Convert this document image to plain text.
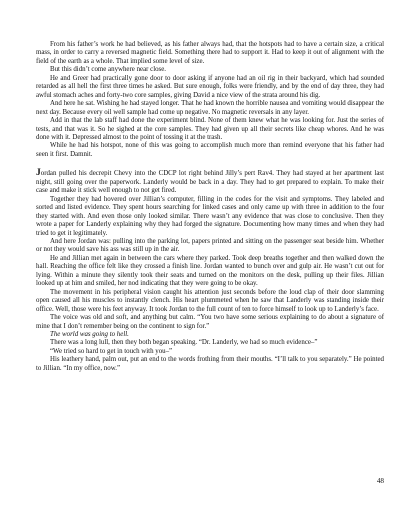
From his father’s work he had believed, as his father always had, that the hotspots had to have a certain size, a critical mass, in order to carry a reversed magnetic field. Something there had to support it. Had to keep it out of alignment with the field of the earth as a whole. That implied some level of size.

But this didn’t come anywhere near close.

He and Greer had practically gone door to door asking if anyone had an oil rig in their backyard, which had sounded retarded as all hell the first three times he asked. But sure enough, folks were friendly, and by the end of day three, they had awful stomach aches and forty-two core samples, giving David a nice view of the strata around his dig.

And here he sat. Wishing he had stayed longer. That he had known the horrible nausea and vomiting would disappear the next day. Because every oil well sample had come up negative. No magnetic reversals in any layer.

Add in that the lab staff had done the experiment blind. None of them knew what he was looking for. Just the series of tests, and that was it. So he sighed at the core samples. They had given up all their secrets like cheap whores. And he was done with it. Depressed almost to the point of tossing it at the trash.

While he had his hotspot, none of this was going to accomplish much more than remind everyone that his father had seen it first. Damnit.

Jordan pulled his decrepit Chevy into the CDCP lot right behind Jilly’s pert Rav4. They had stayed at her apartment last night, still going over the paperwork. Landerly would be back in a day. They had to get prepared to explain. To make their case and make it stick well enough to not get fired.

Together they had hovered over Jillian’s computer, filling in the codes for the visit and symptoms. They labeled and sorted and listed evidence. They spent hours searching for linked cases and only came up with three in addition to the four they started with. And even those only looked similar. There wasn’t any evidence that was close to conclusive. Then they wrote a paper for Landerly explaining why they had forged the signature. Documenting how many times and when they had tried to get it legitimately.

And here Jordan was: pulling into the parking lot, papers printed and sitting on the passenger seat beside him. Whether or not they would save his ass was still up in the air.

He and Jillian met again in between the cars where they parked. Took deep breaths together and then walked down the hall. Reaching the office felt like they crossed a finish line. Jordan wanted to bunch over and gulp air. He wasn’t cut out for lying. Within a minute they silently took their seats and turned on the monitors on the desk, pulling up their files. Jillian looked up at him and smiled, her nod indicating that they were going to be okay.

The movement in his peripheral vision caught his attention just seconds before the loud clap of their door slamming open caused all his muscles to instantly clench. His heart plummeted when he saw that Landerly was standing inside their office. Well, those were his feet anyway. It took Jordan to the full count of ten to force himself to look up to Landerly’s face.

The voice was old and soft, and anything but calm. “You two have some serious explaining to do about a signature of mine that I don’t remember being on the continent to sign for.”

The world was going to hell.

There was a long lull, then they both began speaking. “Dr. Landerly, we had so much evidence–”

“We tried so hard to get in touch with you–”

His leathery hand, palm out, put an end to the words frothing from their mouths. “I’ll talk to you separately.” He pointed to Jillian. “In my office, now.”

48
